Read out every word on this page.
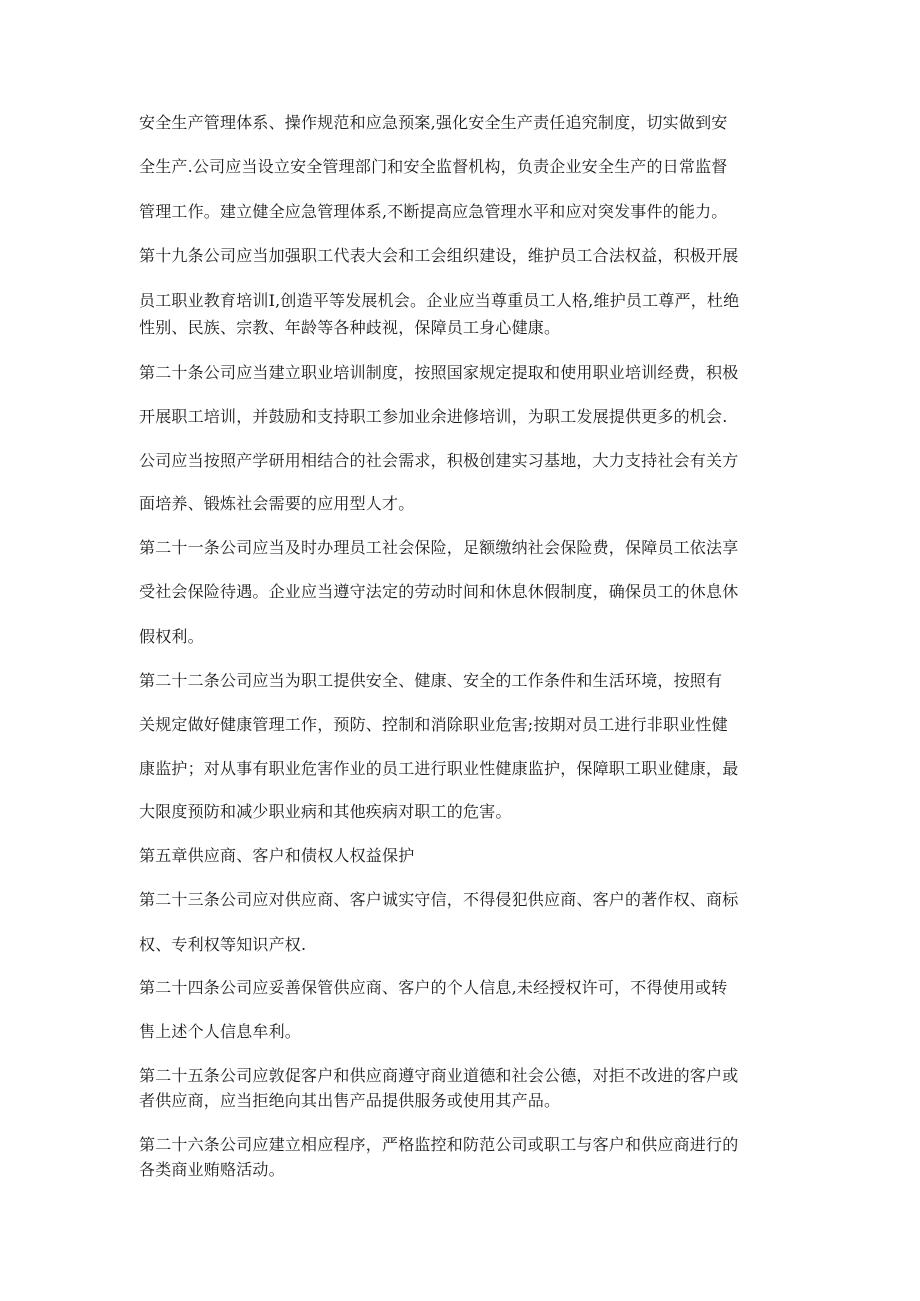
安全生产管理体系、操作规范和应急预案,强化安全生产责任追究制度，切实做到安

全生产.公司应当设立安全管理部门和安全监督机构，负责企业安全生产的日常监督

管理工作。建立健全应急管理体系,不断提高应急管理水平和应对突发事件的能力。

第十九条公司应当加强职工代表大会和工会组织建设，维护员工合法权益，积极开展

员工职业教育培训Ⅰ,创造平等发展机会。企业应当尊重员工人格,维护员工尊严，杜绝

性别、民族、宗教、年龄等各种歧视，保障员工身心健康。

第二十条公司应当建立职业培训制度，按照国家规定提取和使用职业培训经费，积极

开展职工培训，并鼓励和支持职工参加业余进修培训，为职工发展提供更多的机会.

公司应当按照产学研用相结合的社会需求，积极创建实习基地，大力支持社会有关方

面培养、锻炼社会需要的应用型人才。

第二十一条公司应当及时办理员工社会保险，足额缴纳社会保险费，保障员工依法享

受社会保险待遇。企业应当遵守法定的劳动时间和休息休假制度，确保员工的休息休

假权利。

第二十二条公司应当为职工提供安全、健康、安全的工作条件和生活环境，按照有

关规定做好健康管理工作，预防、控制和消除职业危害;按期对员工进行非职业性健

康监护；对从事有职业危害作业的员工进行职业性健康监护，保障职工职业健康，最

大限度预防和减少职业病和其他疾病对职工的危害。

第五章供应商、客户和债权人权益保护

第二十三条公司应对供应商、客户诚实守信，不得侵犯供应商、客户的著作权、商标

权、专利权等知识产权.

第二十四条公司应妥善保管供应商、客户的个人信息,未经授权许可，不得使用或转

售上述个人信息牟利。

第二十五条公司应敦促客户和供应商遵守商业道德和社会公德，对拒不改进的客户或

者供应商，应当拒绝向其出售产品提供服务或使用其产品。

第二十六条公司应建立相应程序，严格监控和防范公司或职工与客户和供应商进行的

各类商业贿赂活动。
